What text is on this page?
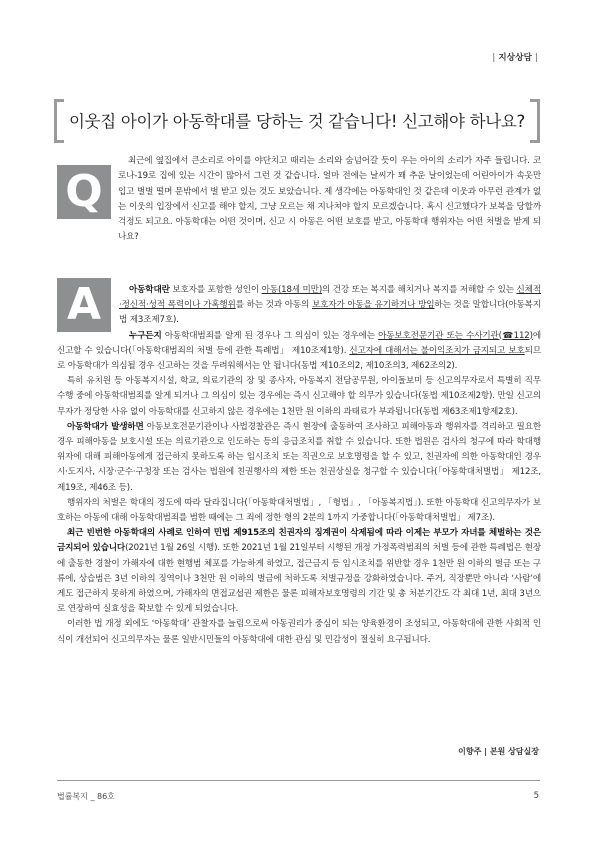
| 지상상담 |
이웃집 아이가 아동학대를 당하는 것 같습니다! 신고해야 하나요?
Q
최근에 옆집에서 큰소리로 아이를 야단치고 때리는 소리와 숨넘어갈 듯이 우는 아이의 소리가 자주 들립니다. 코로나-19로 집에 있는 시간이 많아서 그런 것 같습니다. 얼마 전에는 날씨가 꽤 추운 날이었는데 어린아이가 속옷만 입고 벌벌 떨며 문밖에서 벌 받고 있는 것도 보았습니다. 제 생각에는 아동학대인 것 같은데 이웃과 아무런 관계가 없는 이웃의 입장에서 신고를 해야 할지, 그냥 모르는 채 지나쳐야 할지 모르겠습니다. 혹시 신고했다가 보복을 당할까 걱정도 되고요. 아동학대는 어떤 것이며, 신고 시 아동은 어떤 보호를 받고, 아동학대 행위자는 어떤 처벌을 받게 되나요?
A	아동학대란 보호자를 포함한 성인이 아동(18세 미만)의 건강 또는 복지를 해치거나 복지를 저해할 수 있는 신체적·정신적·성적 폭력이나 가혹행위를 하는 것과 아동의 보호자가 아동을 유기하거나 방임하는 것을 말합니다(아동복지법 제3조제7호).

누구든지 아동학대범죄를 알게 된 경우나 그 의심이 있는 경우에는 아동보호전문기관 또는 수사기관(☎112)에 신고할 수 있습니다(「아동학대범죄의 처벌 등에 관한 특례법」 제10조제1항). 신고자에 대해서는 불이익조치가 금지되고 보호되므로 아동학대가 의심될 경우 신고하는 것을 두려워해서는 안 됩니다(동법 제10조의2, 제10조의3, 제62조의2).

특히 유치원 등 아동복지시설, 학교, 의료기관의 장 및 종사자, 아동복지 전담공무원, 아이돌보미 등 신고의무자로서 특별히 직무 수행 중에 아동학대범죄를 알게 되거나 그 의심이 있는 경우에는 즉시 신고해야 할 의무가 있습니다(동법 제10조제2항). 만일 신고의무자가 정당한 사유 없이 아동학대를 신고하지 않은 경우에는 1천만 원 이하의 과태료가 부과됩니다(동법 제63조제1항제2호).

아동학대가 발생하면 아동보호전문기관이나 사법경찰관은 즉시 현장에 출동하여 조사하고 피해아동과 행위자를 격리하고 필요한 경우 피해아동을 보호시설 또는 의료기관으로 인도하는 등의 응급조치를 취할 수 있습니다. 또한 법원은 검사의 청구에 따라 학대행위자에 대해 피해아동에게 접근하지 못하도록 하는 임시조치 또는 직권으로 보호명령을 할 수 있고, 친권자에 의한 아동학대인 경우 시·도지사, 시장·군수·구청장 또는 검사는 법원에 친권행사의 제한 또는 친권상실을 청구할 수 있습니다(「아동학대처벌법」 제12조, 제19조, 제46조 등).

행위자의 처벌은 학대의 정도에 따라 달라집니다(「아동학대처벌법」, 「형법」, 「아동복지법」). 또한 아동학대 신고의무자가 보호하는 아동에 대해 아동학대범죄를 범한 때에는 그 죄에 정한 형의 2분의 1까지 가중합니다(「아동학대처벌법」 제7조).

최근 빈번한 아동학대의 사례로 인하여 민법 제915조의 친권자의 징계권이 삭제됨에 따라 이제는 부모가 자녀를 체벌하는 것은 금지되어 있습니다(2021년 1월 26일 시행). 또한 2021년 1월 21일부터 시행된 개정 가정폭력범죄의 처벌 등에 관한 특례법은 현장에 출동한 경찰이 가해자에 대한 현행범 체포를 가능하게 하였고, 접근금지 등 임시조치를 위반할 경우 1천만 원 이하의 벌금 또는 구류에, 상습범은 3년 이하의 징역이나 3천만 원 이하의 벌금에 처하도록 처벌규정을 강화하였습니다. 주거, 직장뿐만 아니라 ‘사람’에게도 접근하지 못하게 하였으며, 가해자의 면접교섭권 제한은 물론 피해자보호명령의 기간 및 총 처분기간도 각 최대 1년, 최대 3년으로 연장하여 실효성을 확보할 수 있게 되었습니다.

이러한 법 개정 외에도 ‘아동학대’ 관찰자를 늘림으로써 아동권리가 중심이 되는 양육환경이 조성되고, 아동학대에 관한 사회적 인식이 개선되어 신고의무자는 물론 일반시민들의 아동학대에 대한 관심 및 민감성이 절실히 요구됩니다.

이향주 | 본원 상담실장
법률복지 _ 86호	5
